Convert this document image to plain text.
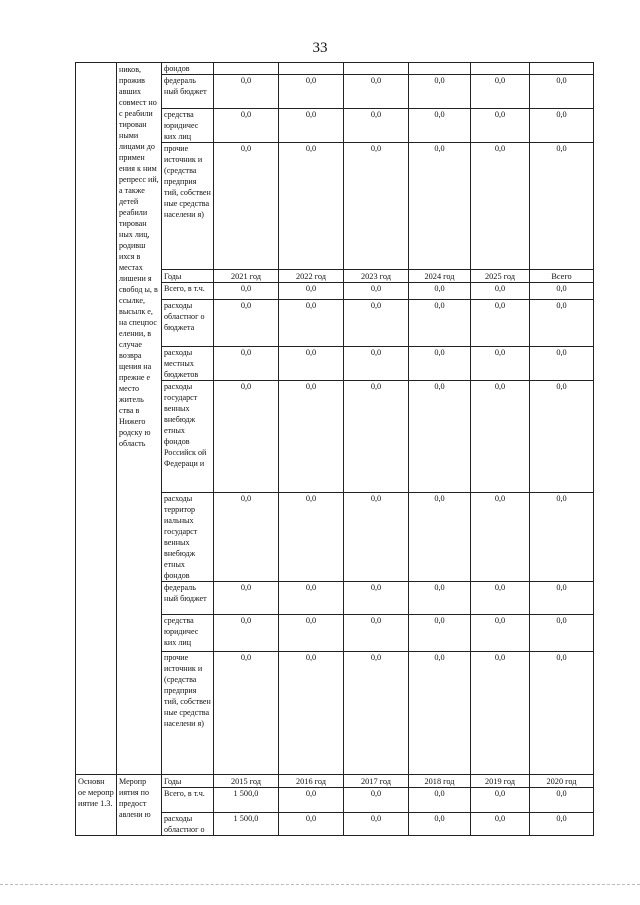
33
	ников, прожив авших совмест но с реабили тирован ными лицами до примен ения к ним репресс ий, а также детей реабили тирован ных лиц, родивш ихся в местах лишени я свобод ы, в ссылке, высылк е, на спецпос елении, в случае возвра щения на прежне е место житель ства в Нижего родску ю область	фондов						
		федераль ный бюджет	0,0	0,0	0,0	0,0	0,0	0,0
		средства юридичес ких лиц	0,0	0,0	0,0	0,0	0,0	0,0
		прочие источник и (средства предприя тий, собствен ные средства населени я)	0,0	0,0	0,0	0,0	0,0	0,0
		Годы	2021 год	2022 год	2023 год	2024 год	2025 год	Всего
		Всего, в т.ч.	0,0	0,0	0,0	0,0	0,0	0,0
		расходы областног о бюджета	0,0	0,0	0,0	0,0	0,0	0,0
		расходы местных бюджетов	0,0	0,0	0,0	0,0	0,0	0,0
		расходы государст венных внебюдж етных фондов Российск ой Федераци и	0,0	0,0	0,0	0,0	0,0	0,0
		расходы территор иальных государст венных внебюдж етных фондов	0,0	0,0	0,0	0,0	0,0	0,0
		федераль ный бюджет	0,0	0,0	0,0	0,0	0,0	0,0
		средства юридичес ких лиц	0,0	0,0	0,0	0,0	0,0	0,0
		прочие источник и (средства предприя тий, собствен ные средства населени я)	0,0	0,0	0,0	0,0	0,0	0,0
Основн ое меропр иятие 1.3.	Меропр иятия по предост авлени ю	Годы	2015 год	2016 год	2017 год	2018 год	2019 год	2020 год
		Всего, в т.ч.	1 500,0	0,0	0,0	0,0	0,0	0,0
		расходы областног о	1 500,0	0,0	0,0	0,0	0,0	0,0
